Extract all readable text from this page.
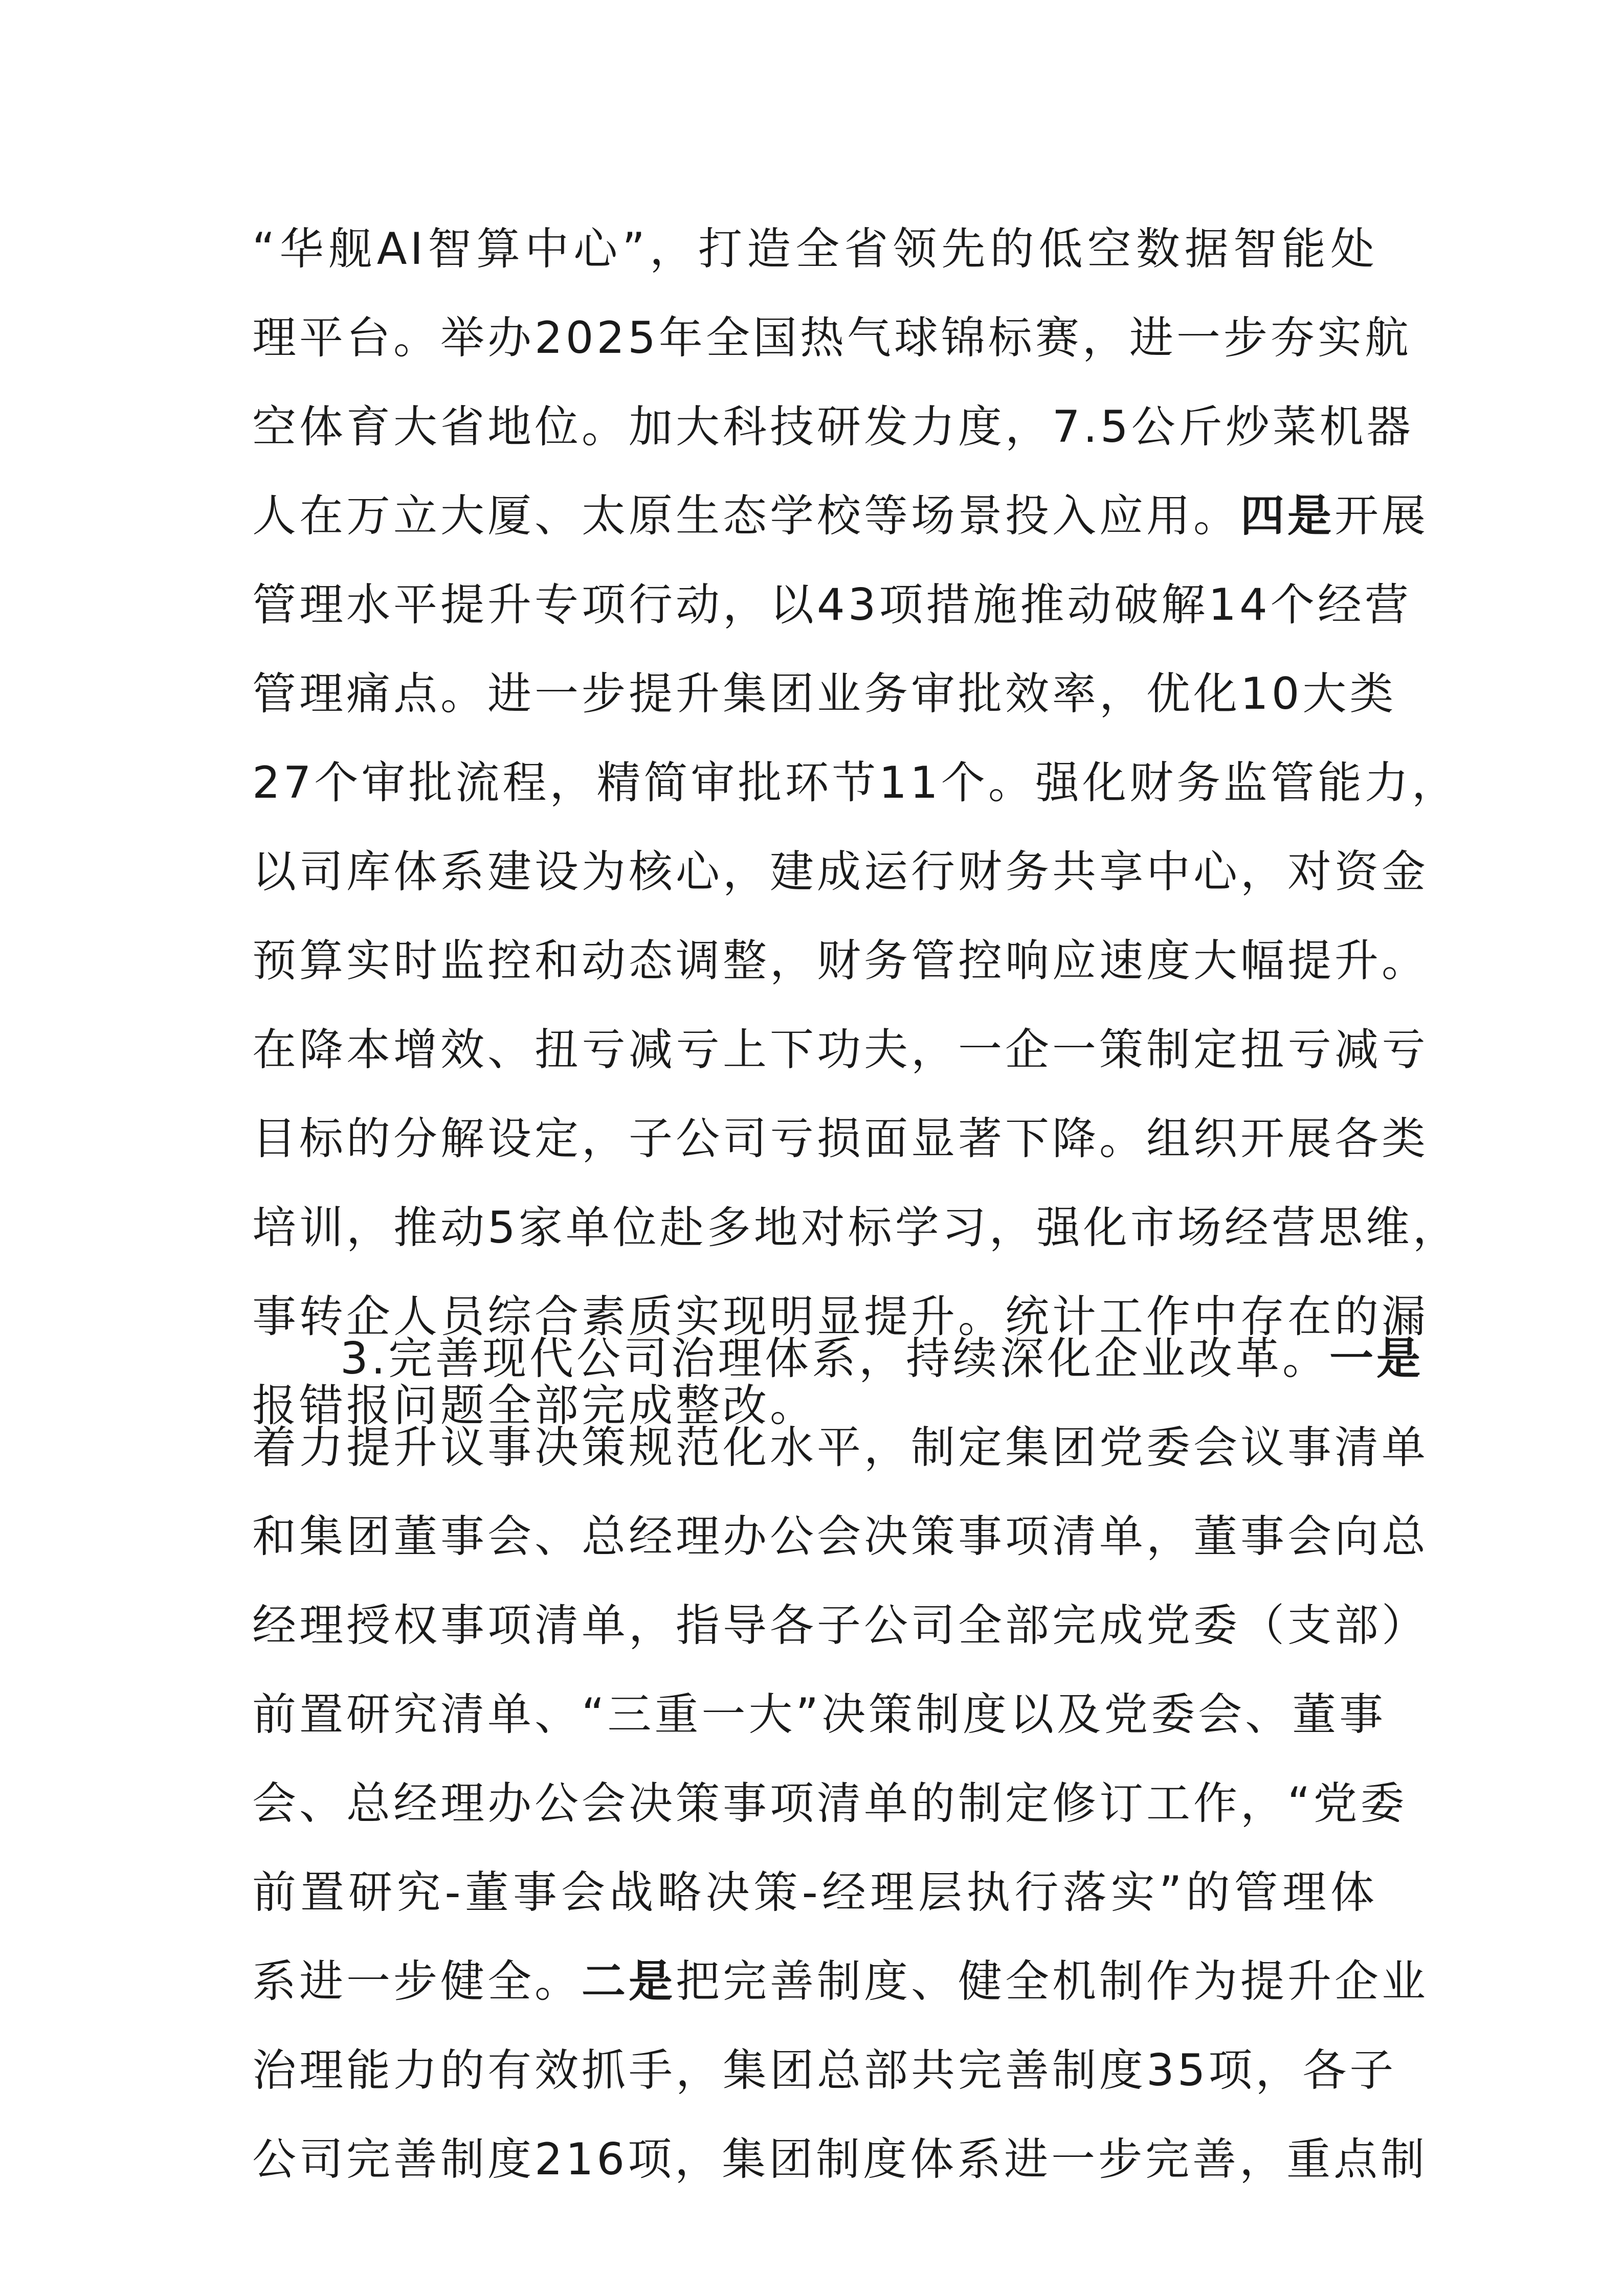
“华舰AI智算中心”，打造全省领先的低空数据智能处
理平台。举办2025年全国热气球锦标赛，进一步夯实航
空体育大省地位。加大科技研发力度，7.5公斤炒菜机器
人在万立大厦、太原生态学校等场景投入应用。四是开展
管理水平提升专项行动，以43项措施推动破解14个经营
管理痛点。进一步提升集团业务审批效率，优化10大类
27个审批流程，精简审批环节11个。强化财务监管能力，
以司库体系建设为核心，建成运行财务共享中心，对资金
预算实时监控和动态调整，财务管控响应速度大幅提升。
在降本增效、扭亏减亏上下功夫，一企一策制定扭亏减亏
目标的分解设定，子公司亏损面显著下降。组织开展各类
培训，推动5家单位赴多地对标学习，强化市场经营思维，
事转企人员综合素质实现明显提升。统计工作中存在的漏
报错报问题全部完成整改。
3.完善现代公司治理体系，持续深化企业改革。一是
着力提升议事决策规范化水平，制定集团党委会议事清单
和集团董事会、总经理办公会决策事项清单，董事会向总
经理授权事项清单，指导各子公司全部完成党委（支部）
前置研究清单、“三重一大”决策制度以及党委会、董事
会、总经理办公会决策事项清单的制定修订工作，“党委
前置研究-董事会战略决策-经理层执行落实”的管理体
系进一步健全。二是把完善制度、健全机制作为提升企业
治理能力的有效抓手，集团总部共完善制度35项，各子
公司完善制度216项，集团制度体系进一步完善，重点制
